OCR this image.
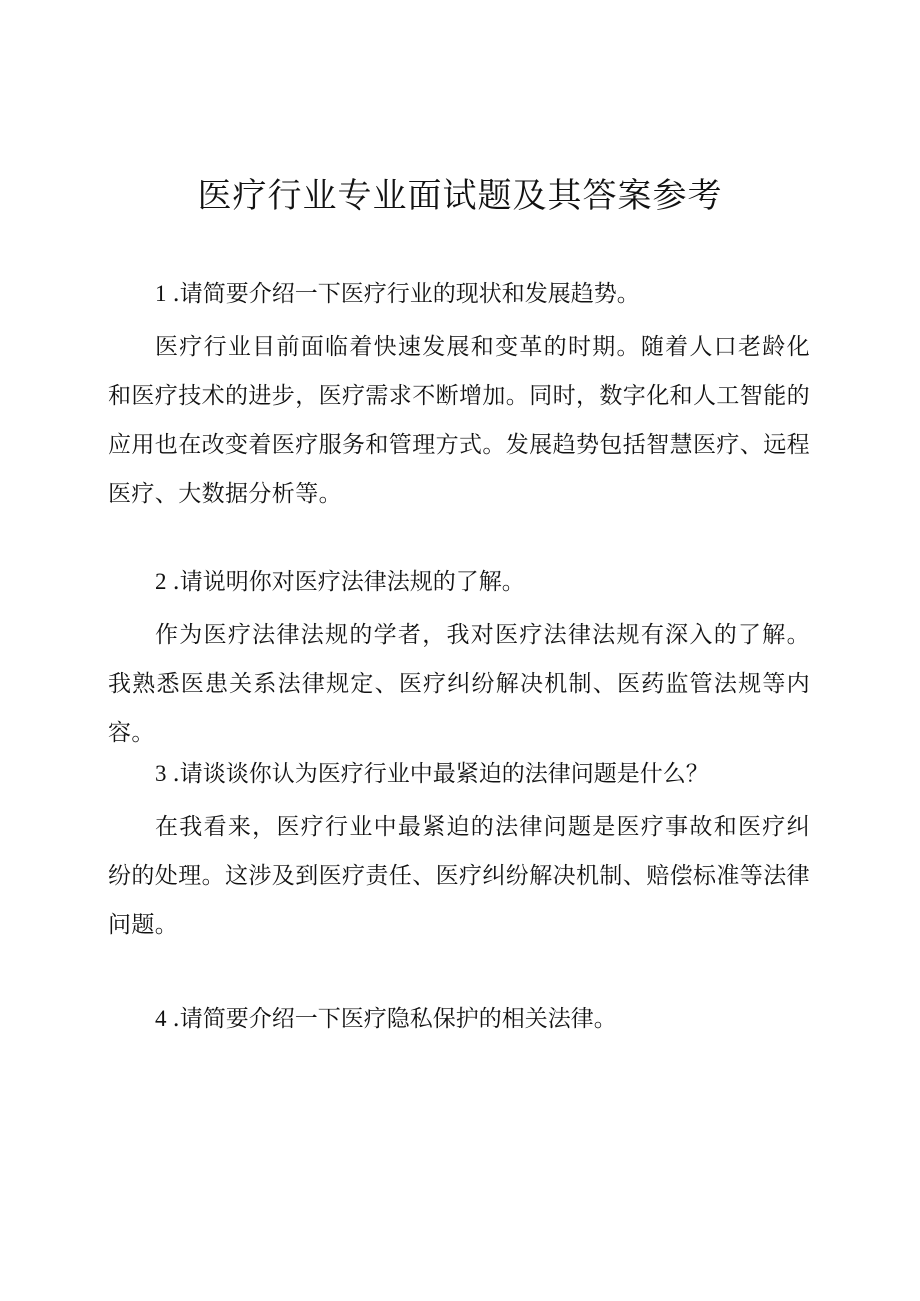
医疗行业专业面试题及其答案参考

1 .请简要介绍一下医疗行业的现状和发展趋势。

医疗行业目前面临着快速发展和变革的时期。随着人口老龄化和医疗技术的进步，医疗需求不断增加。同时，数字化和人工智能的应用也在改变着医疗服务和管理方式。发展趋势包括智慧医疗、远程医疗、大数据分析等。

2 .请说明你对医疗法律法规的了解。

作为医疗法律法规的学者，我对医疗法律法规有深入的了解。我熟悉医患关系法律规定、医疗纠纷解决机制、医药监管法规等内容。

3 .请谈谈你认为医疗行业中最紧迫的法律问题是什么？

在我看来，医疗行业中最紧迫的法律问题是医疗事故和医疗纠纷的处理。这涉及到医疗责任、医疗纠纷解决机制、赔偿标准等法律问题。

4 .请简要介绍一下医疗隐私保护的相关法律。
